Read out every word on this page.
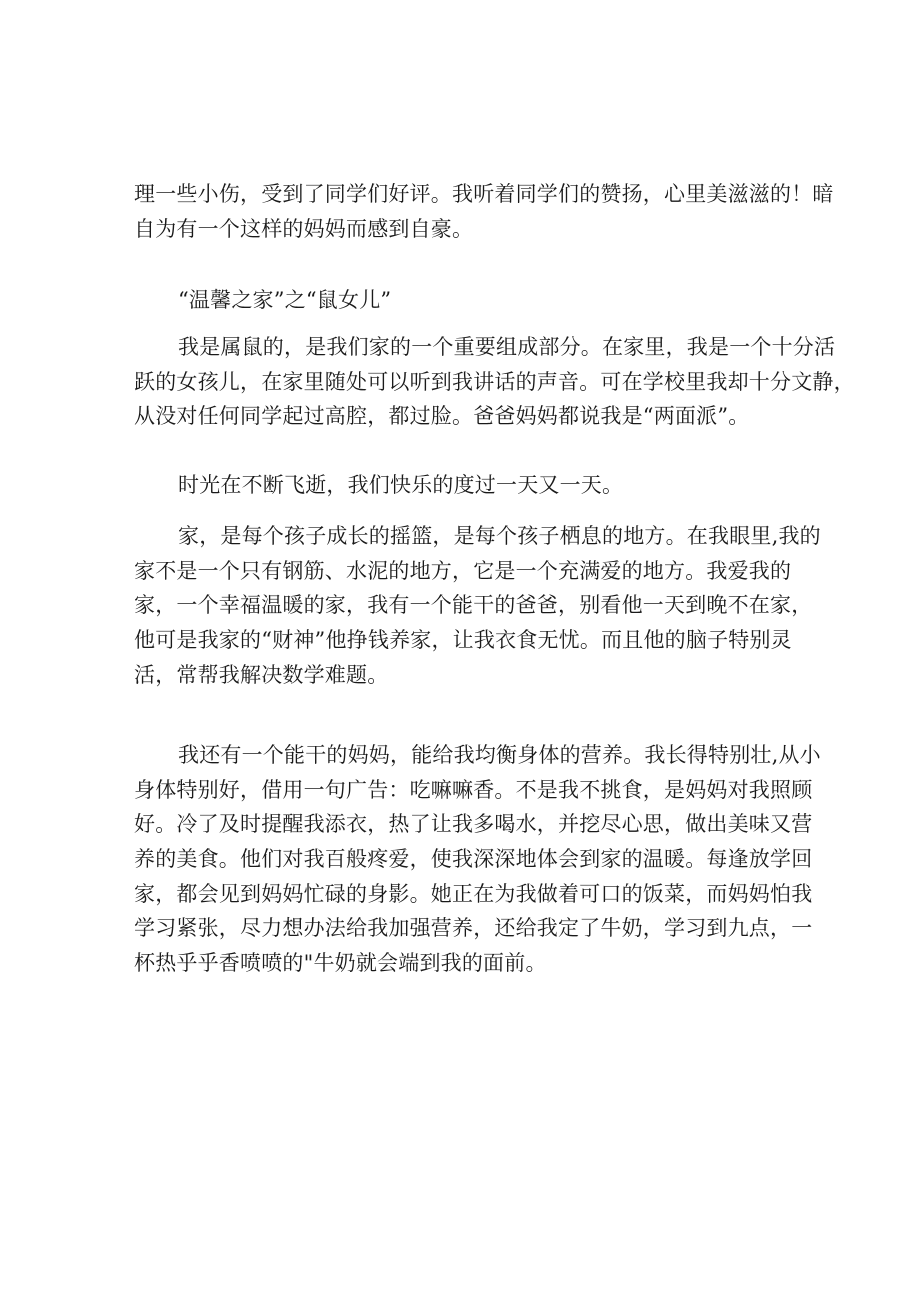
理一些小伤，受到了同学们好评。我听着同学们的赞扬，心里美滋滋的！暗
自为有一个这样的妈妈而感到自豪。
“温馨之家”之“鼠女儿”
我是属鼠的，是我们家的一个重要组成部分。在家里，我是一个十分活
跃的女孩儿，在家里随处可以听到我讲话的声音。可在学校里我却十分文静，
从没对任何同学起过高腔，都过脸。爸爸妈妈都说我是“两面派”。
时光在不断飞逝，我们快乐的度过一天又一天。
家，是每个孩子成长的摇篮，是每个孩子栖息的地方。在我眼里,我的
家不是一个只有钢筋、水泥的地方，它是一个充满爱的地方。我爱我的
家，一个幸福温暖的家，我有一个能干的爸爸，别看他一天到晚不在家，
他可是我家的“财神”他挣钱养家，让我衣食无忧。而且他的脑子特别灵
活，常帮我解决数学难题。
我还有一个能干的妈妈，能给我均衡身体的营养。我长得特别壮,从小
身体特别好，借用一句广告：吃嘛嘛香。不是我不挑食，是妈妈对我照顾
好。冷了及时提醒我添衣，热了让我多喝水，并挖尽心思，做出美味又营
养的美食。他们对我百般疼爱，使我深深地体会到家的温暖。每逢放学回
家，都会见到妈妈忙碌的身影。她正在为我做着可口的饭菜，而妈妈怕我
学习紧张，尽力想办法给我加强营养，还给我定了牛奶，学习到九点，一
杯热乎乎香喷喷的"牛奶就会端到我的面前。
